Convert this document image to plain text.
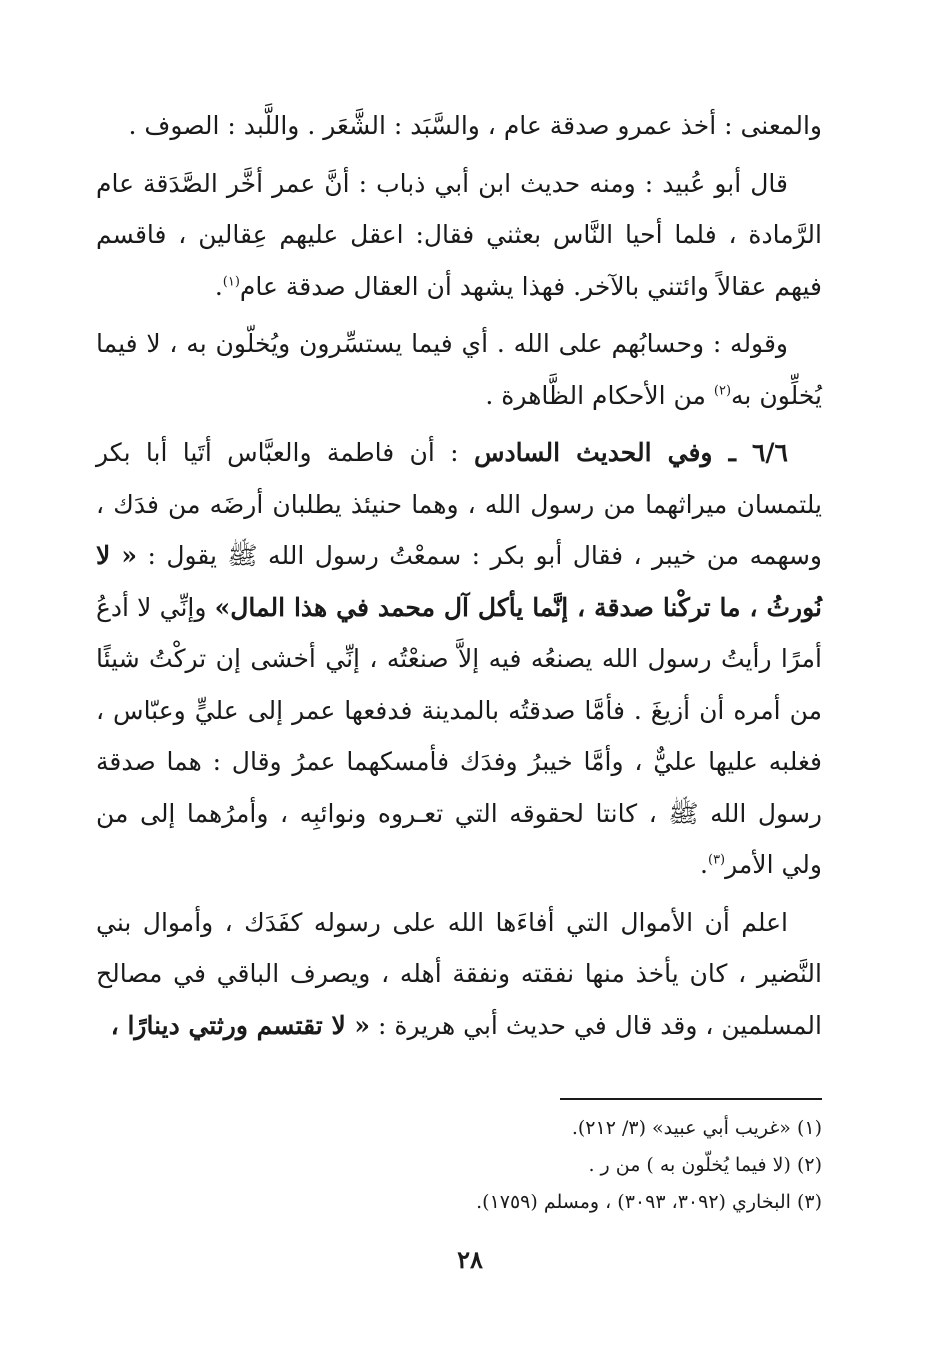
والمعنى : أخذ عمرو صدقة عام ، والسَّبَد : الشَّعَر . واللَّبد : الصوف .

قال أبو عُبيد : ومنه حديث ابن أبي ذباب : أنَّ عمر أخَّر الصَّدَقة عام الرَّمادة ، فلما أحيا النَّاس بعثني فقال: اعقل عليهم عِقالين ، فاقسم فيهم عقالاً وائتني بالآخر. فهذا يشهد أن العقال صدقة عام$^{(١)}$.

وقوله : وحسابُهم على الله . أي فيما يستسِّرون ويُخلّون به ، لا فيما يُخلِّون به$^{(٢)}$ من الأحكام الظَّاهرة .

٦/٦ ـ وفي الحديث السادس : أن فاطمة والعبَّاس أتَيا أبا بكر يلتمسان ميراثهما من رسول الله ، وهما حنيئذ يطلبان أرضَه من فدَك ، وسهمه من خيبر ، فقال أبو بكر : سمعْتُ رسول الله ﷺ يقول : « لا نُورثُ ، ما تركْنا صدقة ، إنَّما يأكل آل محمد في هذا المال» وإنِّي لا أدعُ أمرًا رأيتُ رسول الله يصنعُه فيه إلاَّ صنعْتُه ، إنِّي أخشى إن تركْتُ شيئًا من أمره أن أزيغَ . فأمَّا صدقتُه بالمدينة فدفعها عمر إلى عليٍّ وعبّاس ، فغلبه عليها عليٌّ ، وأمَّا خيبرُ وفدَك فأمسكهما عمرُ وقال : هما صدقة رسول الله ﷺ ، كانتا لحقوقه التي تعـروه ونوائبِه ، وأمرُهما إلى من ولي الأمر$^{(٣)}$.

اعلم أن الأموال التي أفاءَها الله على رسوله كفَدَك ، وأموال بني النَّضير ، كان يأخذ منها نفقته ونفقة أهله ، ويصرف الباقي في مصالح المسلمين ، وقد قال في حديث أبي هريرة : « لا تقتسم ورثتي دينارًا ،

(١) «غريب أبي عبيد» (٣/ ٢١٢).

(٢) (لا فيما يُخلّون به ) من ر .

(٣) البخاري (٣٠٩٢، ٣٠٩٣) ، ومسلم (١٧٥٩).

٢٨
